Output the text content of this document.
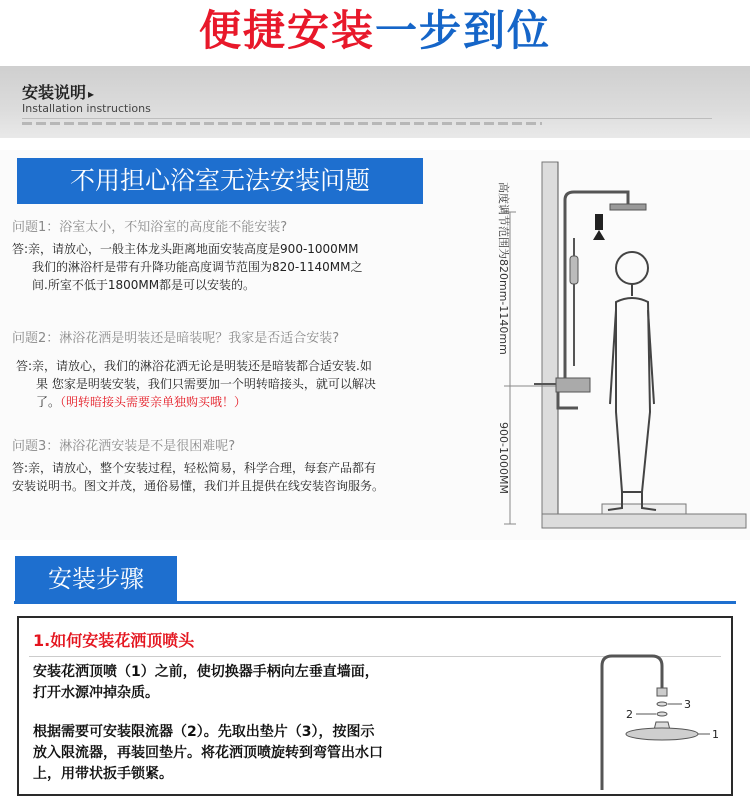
便捷安装一步到位
安装说明 ▸
Installation instructions
不用担心浴室无法安装问题
问题1：浴室太小，不知浴室的高度能不能安装?
答:亲，请放心，一般主体龙头距离地面安装高度是900-1000MM
我们的淋浴杆是带有升降功能高度调节范围为820-1140MM之
间.所室不低于1800MM都是可以安装的。
问题2：淋浴花洒是明装还是暗装呢？我家是否适合安装?
答:亲，请放心，我们的淋浴花洒无论是明装还是暗装都合适安装.如
果 您家是明装安装，我们只需要加一个明转暗接头，就可以解决
了。（明转暗接头需要亲单独购买哦！）
问题3：淋浴花洒安装是不是很困难呢?
答:亲，请放心，整个安装过程，轻松简易，科学合理，每套产品都有
安装说明书。图文并茂，通俗易懂，我们并且提供在线安装咨询服务。
高度调节范围为820mm-1140mm
900-1000MM
安装步骤
1.如何安装花洒顶喷头
安装花洒顶喷（1）之前，使切换器手柄向左垂直墙面，
打开水源冲掉杂质。
根据需要可安装限流器（2）。先取出垫片（3），按图示
放入限流器，再装回垫片。将花洒顶喷旋转到弯管出水口
上，用带状扳手锁紧。
3
2
1
